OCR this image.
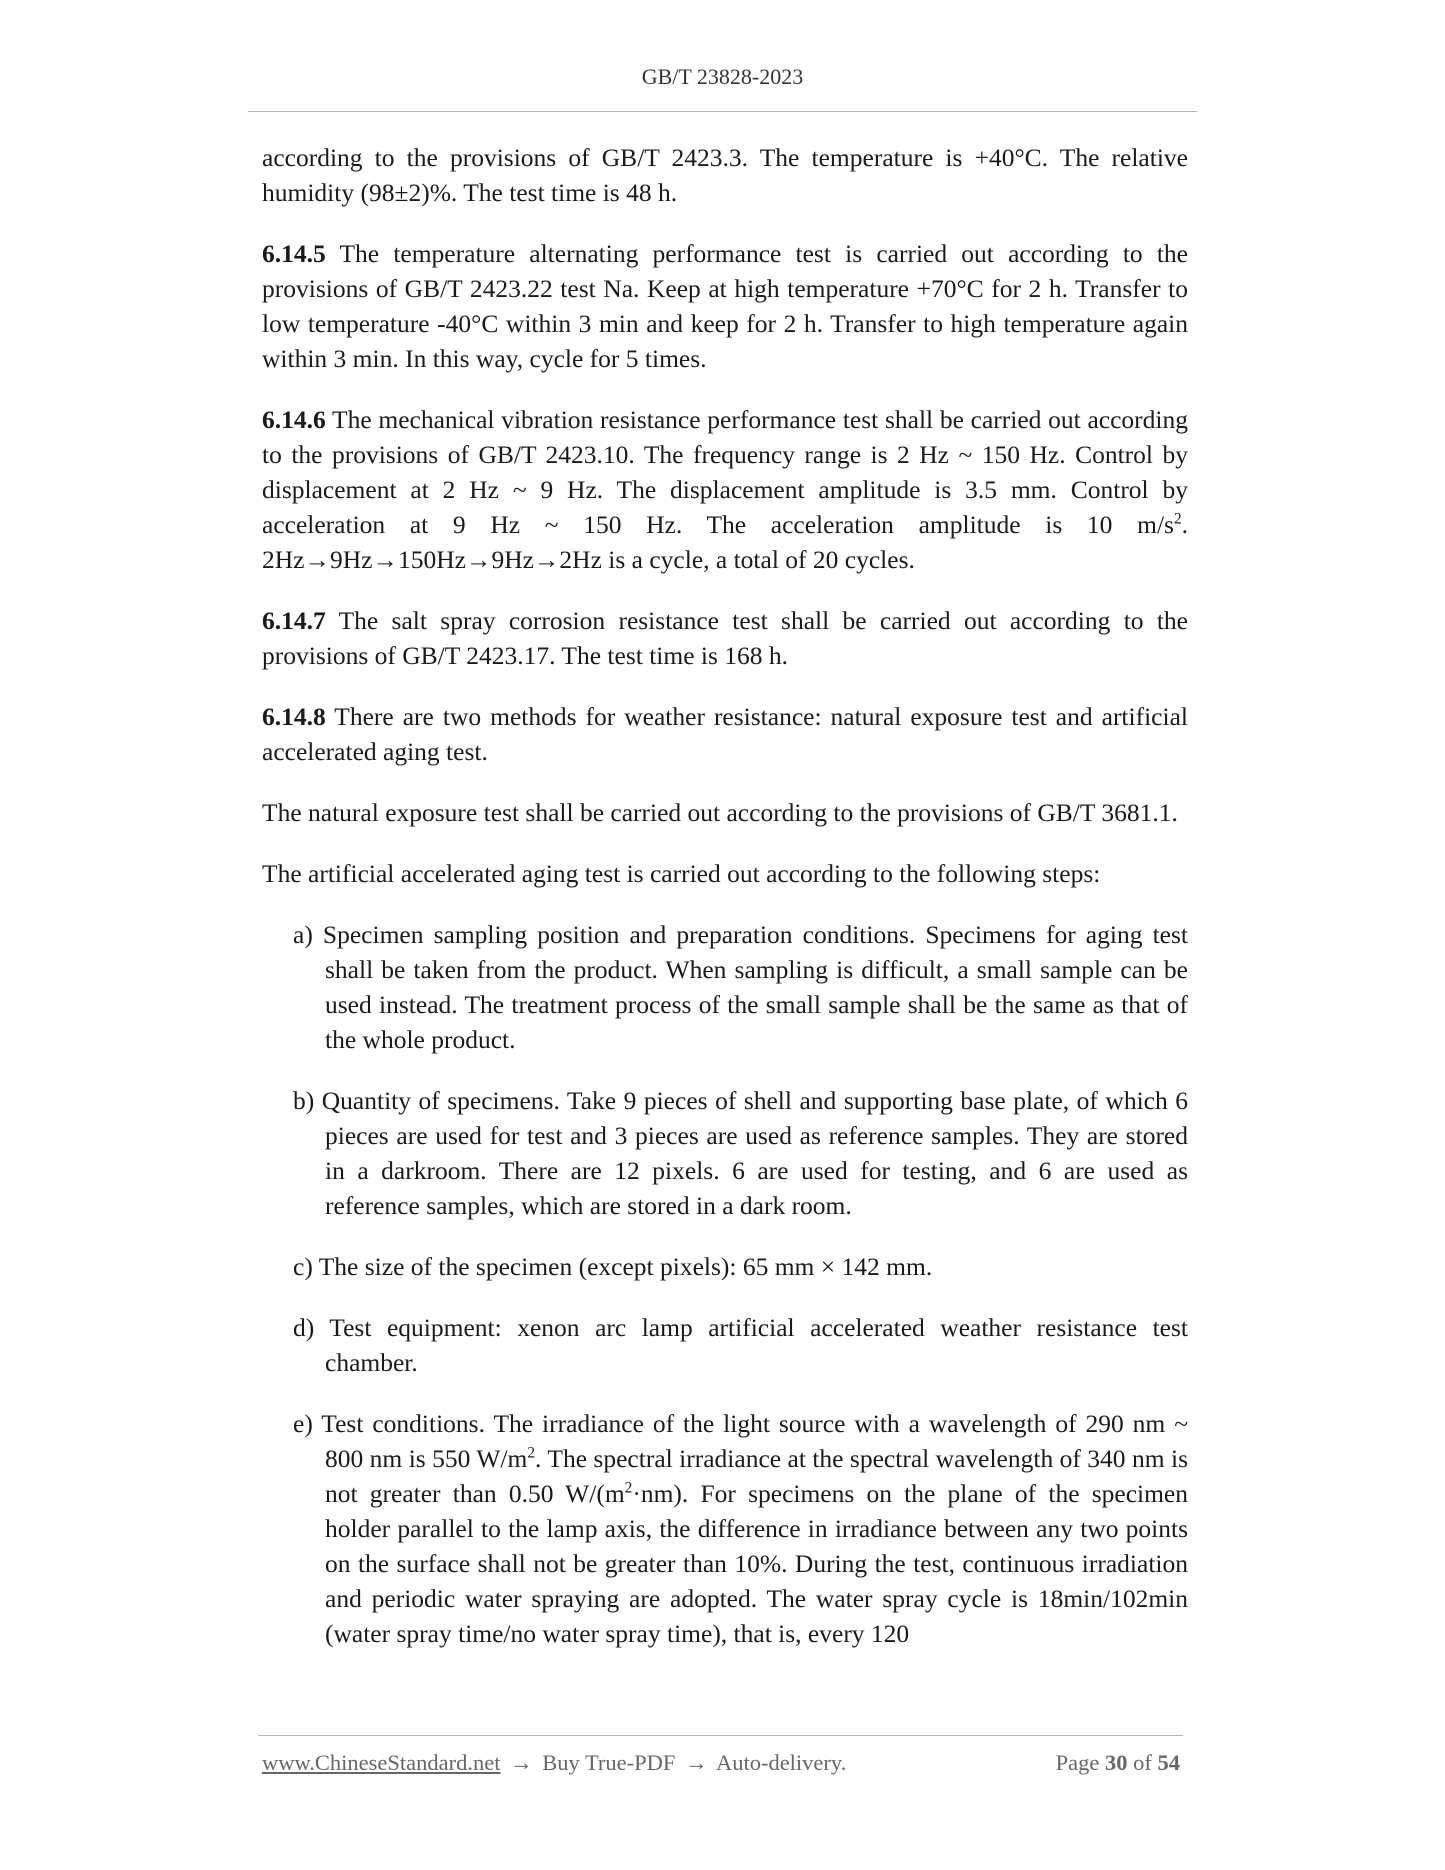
GB/T 23828-2023

according to the provisions of GB/T 2423.3. The temperature is +40°C. The relative humidity (98±2)%. The test time is 48 h.

6.14.5 The temperature alternating performance test is carried out according to the provisions of GB/T 2423.22 test Na. Keep at high temperature +70°C for 2 h. Transfer to low temperature -40°C within 3 min and keep for 2 h. Transfer to high temperature again within 3 min. In this way, cycle for 5 times.

6.14.6 The mechanical vibration resistance performance test shall be carried out according to the provisions of GB/T 2423.10. The frequency range is 2 Hz ~ 150 Hz. Control by displacement at 2 Hz ~ 9 Hz. The displacement amplitude is 3.5 mm. Control by acceleration at 9 Hz ~ 150 Hz. The acceleration amplitude is 10 $m/s^2$. 2Hz→9Hz→150Hz→9Hz→2Hz is a cycle, a total of 20 cycles.

6.14.7 The salt spray corrosion resistance test shall be carried out according to the provisions of GB/T 2423.17. The test time is 168 h.

6.14.8 There are two methods for weather resistance: natural exposure test and artificial accelerated aging test.

The natural exposure test shall be carried out according to the provisions of GB/T 3681.1.

The artificial accelerated aging test is carried out according to the following steps:

a) Specimen sampling position and preparation conditions. Specimens for aging test shall be taken from the product. When sampling is difficult, a small sample can be used instead. The treatment process of the small sample shall be the same as that of the whole product.

b) Quantity of specimens. Take 9 pieces of shell and supporting base plate, of which 6 pieces are used for test and 3 pieces are used as reference samples. They are stored in a darkroom. There are 12 pixels. 6 are used for testing, and 6 are used as reference samples, which are stored in a dark room.

c) The size of the specimen (except pixels): 65 mm × 142 mm.

d) Test equipment: xenon arc lamp artificial accelerated weather resistance test chamber.

e) Test conditions. The irradiance of the light source with a wavelength of 290 nm ~ 800 nm is 550 $W/m^2$. The spectral irradiance at the spectral wavelength of 340 nm is not greater than 0.50 $W/(m^2\cdot nm)$. For specimens on the plane of the specimen holder parallel to the lamp axis, the difference in irradiance between any two points on the surface shall not be greater than 10%. During the test, continuous irradiation and periodic water spraying are adopted. The water spray cycle is 18min/102min (water spray time/no water spray time), that is, every 120

www.ChineseStandard.net → Buy True-PDF → Auto-delivery.	Page 30 of 54
